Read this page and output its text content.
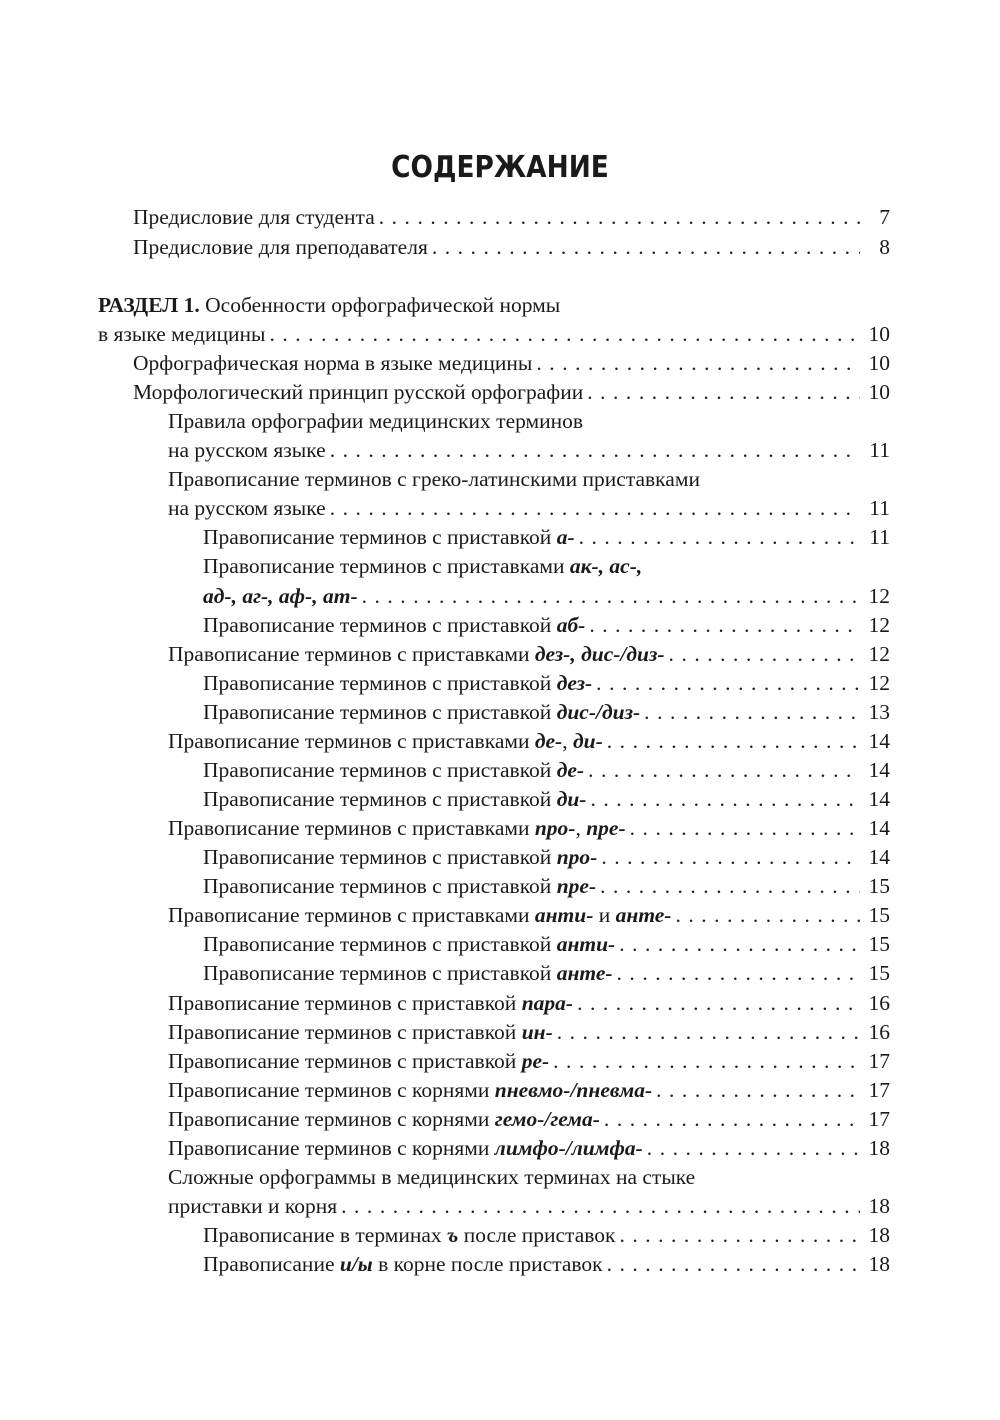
СОДЕРЖАНИЕ
Предисловие для студента . . .	7
Предисловие для преподавателя . . .	8
РАЗДЕЛ 1. Особенности орфографической нормы
в языке медицины . . .	10
Орфографическая норма в языке медицины . . .	10
Морфологический принцип русской орфографии . . .	10
Правила орфографии медицинских терминов
на русском языке . . .	11
Правописание терминов с греко-латинскими приставками
на русском языке . . .	11
Правописание терминов с приставкой а- . . .	11
Правописание терминов с приставками ак-, ас-,
ад-, аг-, аф-, ат- . . .	12
Правописание терминов с приставкой аб- . . .	12
Правописание терминов с приставками дез-, дис-/диз- . . .	12
Правописание терминов с приставкой дез- . . .	12
Правописание терминов с приставкой дис-/диз- . . .	13
Правописание терминов с приставками де-, ди- . . .	14
Правописание терминов с приставкой де- . . .	14
Правописание терминов с приставкой ди- . . .	14
Правописание терминов с приставками про-, пре- . . .	14
Правописание терминов с приставкой про- . . .	14
Правописание терминов с приставкой пре- . . .	15
Правописание терминов с приставками анти- и анте- . . .	15
Правописание терминов с приставкой анти- . . .	15
Правописание терминов с приставкой анте- . . .	15
Правописание терминов с приставкой пара- . . .	16
Правописание терминов с приставкой ин- . . .	16
Правописание терминов с приставкой ре- . . .	17
Правописание терминов с корнями пневмо-/пневма- . . .	17
Правописание терминов с корнями гемо-/гема- . . .	17
Правописание терминов с корнями лимфо-/лимфа- . . .	18
Сложные орфограммы в медицинских терминах на стыке
приставки и корня . . .	18
Правописание в терминах ъ после приставок . . .	18
Правописание и/ы в корне после приставок . . .	18
